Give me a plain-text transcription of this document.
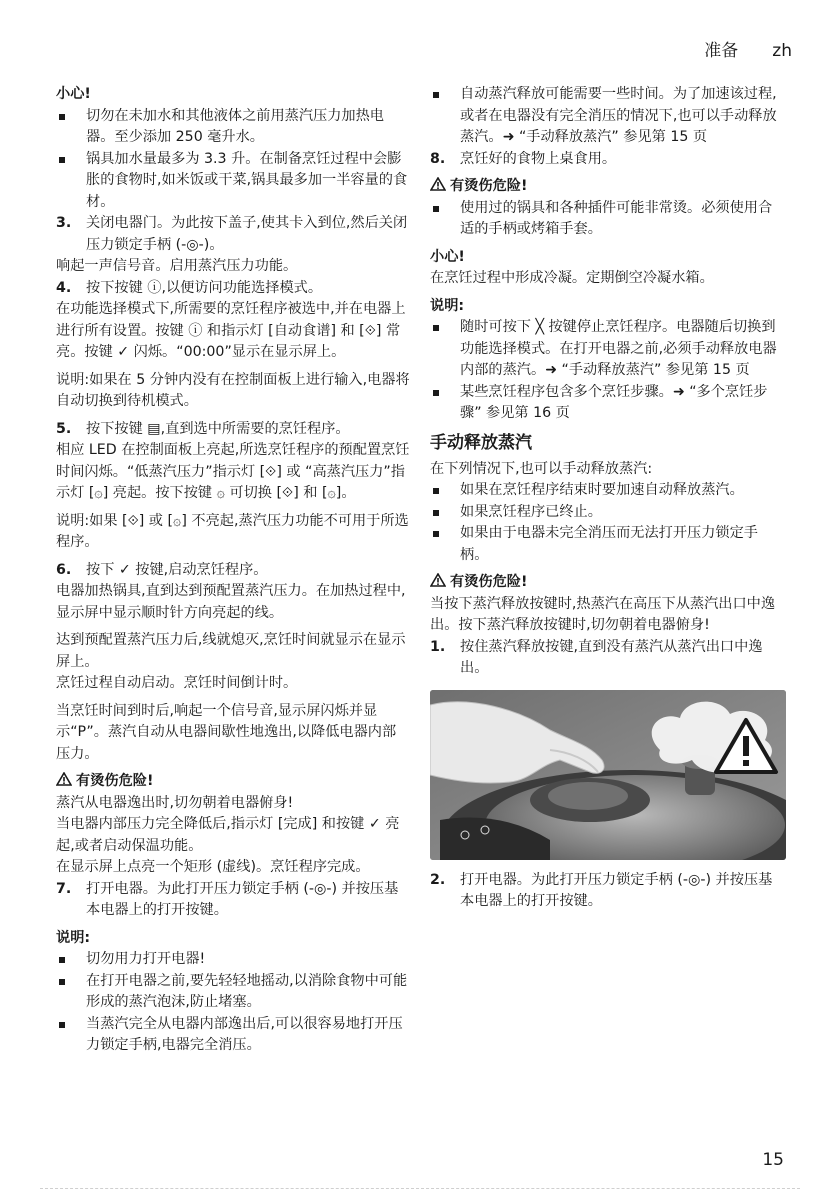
准备 zh

小心!

切勿在未加水和其他液体之前用蒸汽压力加热电器。至少添加 250 毫升水。

锅具加水量最多为 3.3 升。在制备烹饪过程中会膨胀的食物时,如米饭或干菜,锅具最多加一半容量的食材。

3. 关闭电器门。为此按下盖子,使其卡入到位,然后关闭压力锁定手柄 (-◎-)。

响起一声信号音。启用蒸汽压力功能。

4. 按下按键 ⓘ,以便访问功能选择模式。

在功能选择模式下,所需要的烹饪程序被选中,并在电器上进行所有设置。按键 ⓘ 和指示灯 [自动食谱] 和 [⟐] 常亮。按键 ✓ 闪烁。“00:00”显示在显示屏上。

说明:如果在 5 分钟内没有在控制面板上进行输入,电器将自动切换到待机模式。

5. 按下按键 ▤,直到选中所需要的烹饪程序。

相应 LED 在控制面板上亮起,所选烹饪程序的预配置烹饪时间闪烁。“低蒸汽压力”指示灯 [⟐] 或 “高蒸汽压力”指示灯 [۞] 亮起。按下按键 ۞ 可切换 [⟐] 和 [۞]。

说明:如果 [⟐] 或 [۞] 不亮起,蒸汽压力功能不可用于所选程序。

6. 按下 ✓ 按键,启动烹饪程序。

电器加热锅具,直到达到预配置蒸汽压力。在加热过程中,显示屏中显示顺时针方向亮起的线。

达到预配置蒸汽压力后,线就熄灭,烹饪时间就显示在显示屏上。

烹饪过程自动启动。烹饪时间倒计时。

当烹饪时间到时后,响起一个信号音,显示屏闪烁并显示“P”。蒸汽自动从电器间歇性地逸出,以降低电器内部压力。

有烫伤危险!

蒸汽从电器逸出时,切勿朝着电器俯身!

当电器内部压力完全降低后,指示灯 [完成] 和按键 ✓ 亮起,或者启动保温功能。

在显示屏上点亮一个矩形 (虚线)。烹饪程序完成。

7. 打开电器。为此打开压力锁定手柄 (-◎-) 并按压基本电器上的打开按键。

说明:

切勿用力打开电器!

在打开电器之前,要先轻轻地摇动,以消除食物中可能形成的蒸汽泡沫,防止堵塞。

当蒸汽完全从电器内部逸出后,可以很容易地打开压力锁定手柄,电器完全消压。

自动蒸汽释放可能需要一些时间。为了加速该过程,或者在电器没有完全消压的情况下,也可以手动释放蒸汽。➜ “手动释放蒸汽” 参见第 15 页

8. 烹饪好的食物上桌食用。

有烫伤危险!

使用过的锅具和各种插件可能非常烫。必须使用合适的手柄或烤箱手套。

小心!

在烹饪过程中形成冷凝。定期倒空冷凝水箱。

说明:

随时可按下 ╳ 按键停止烹饪程序。电器随后切换到功能选择模式。在打开电器之前,必须手动释放电器内部的蒸汽。➜ “手动释放蒸汽” 参见第 15 页

某些烹饪程序包含多个烹饪步骤。➜ “多个烹饪步骤” 参见第 16 页

手动释放蒸汽

在下列情况下,也可以手动释放蒸汽:

如果在烹饪程序结束时要加速自动释放蒸汽。

如果烹饪程序已终止。

如果由于电器未完全消压而无法打开压力锁定手柄。

有烫伤危险!

当按下蒸汽释放按键时,热蒸汽在高压下从蒸汽出口中逸出。按下蒸汽释放按键时,切勿朝着电器俯身!

1. 按住蒸汽释放按键,直到没有蒸汽从蒸汽出口中逸出。

2. 打开电器。为此打开压力锁定手柄 (-◎-) 并按压基本电器上的打开按键。

15
